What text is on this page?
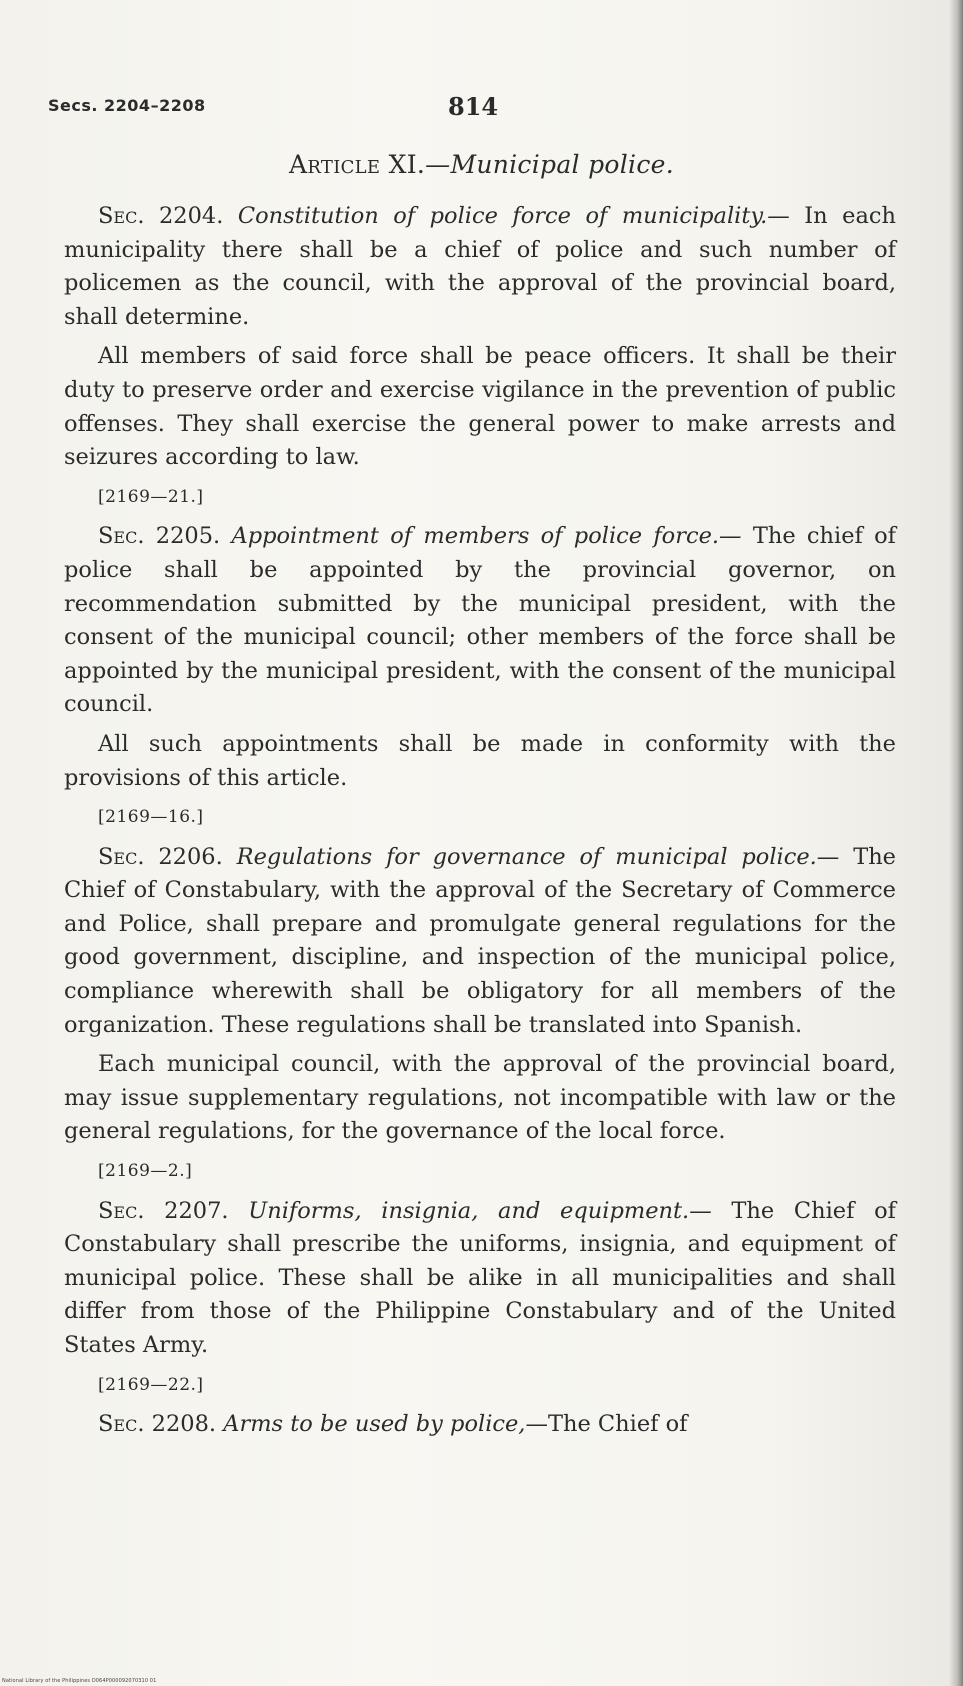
Secs. 2204–2208	814
Article XI.—Municipal police.

Sec. 2204. Constitution of police force of municipality.— In each municipality there shall be a chief of police and such number of policemen as the council, with the approval of the provincial board, shall determine.

All members of said force shall be peace officers. It shall be their duty to preserve order and exercise vigilance in the prevention of public offenses. They shall exercise the general power to make arrests and seizures according to law.

[2169—21.]

Sec. 2205. Appointment of members of police force.— The chief of police shall be appointed by the provincial governor, on recommendation submitted by the municipal president, with the consent of the municipal council; other members of the force shall be appointed by the municipal president, with the consent of the municipal council.

All such appointments shall be made in conformity with the provisions of this article.

[2169—16.]

Sec. 2206. Regulations for governance of municipal police.— The Chief of Constabulary, with the approval of the Secretary of Commerce and Police, shall prepare and promulgate general regulations for the good government, discipline, and inspection of the municipal police, compliance wherewith shall be obligatory for all members of the organization. These regulations shall be translated into Spanish.

Each municipal council, with the approval of the provincial board, may issue supplementary regulations, not incompatible with law or the general regulations, for the governance of the local force.

[2169—2.]

Sec. 2207. Uniforms, insignia, and equipment.— The Chief of Constabulary shall prescribe the uniforms, insignia, and equipment of municipal police. These shall be alike in all municipalities and shall differ from those of the Philippine Constabulary and of the United States Army.

[2169—22.]

Sec. 2208. Arms to be used by police,—The Chief of

National Library of the Philippines D064P000092070310 01
